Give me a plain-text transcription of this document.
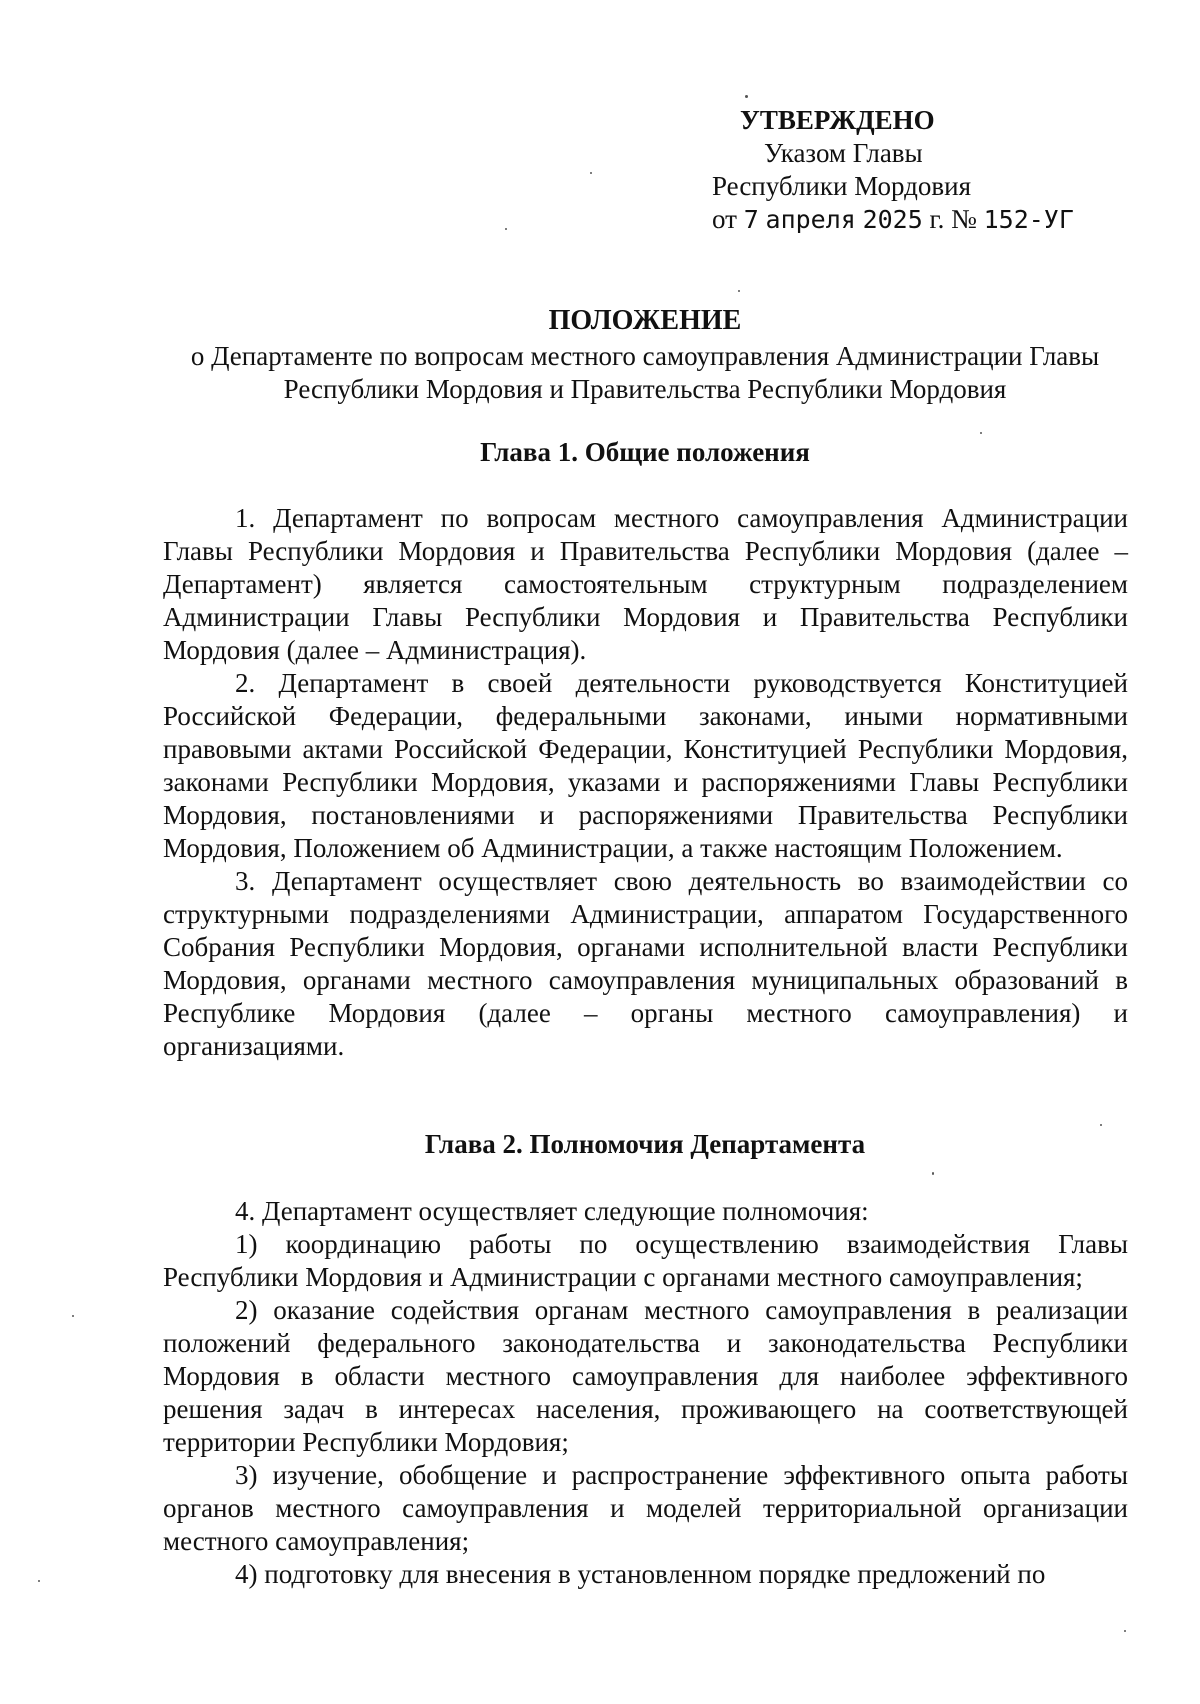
УТВЕРЖДЕНО
Указом Главы
Республики Мордовия
от 7 апреля 2025 г. № 152-УГ
ПОЛОЖЕНИЕ
о Департаменте по вопросам местного самоуправления Администрации Главы
Республики Мордовия и Правительства Республики Мордовия
Глава 1. Общие положения

1. Департамент по вопросам местного самоуправления Администрации Главы Республики Мордовия и Правительства Республики Мордовия (далее – Департамент) является самостоятельным структурным подразделением Администрации Главы Республики Мордовия и Правительства Республики Мордовия (далее – Администрация).

2. Департамент в своей деятельности руководствуется Конституцией Российской Федерации, федеральными законами, иными нормативными правовыми актами Российской Федерации, Конституцией Республики Мордовия, законами Республики Мордовия, указами и распоряжениями Главы Республики Мордовия, постановлениями и распоряжениями Правительства Республики Мордовия, Положением об Администрации, а также настоящим Положением.

3. Департамент осуществляет свою деятельность во взаимодействии со структурными подразделениями Администрации, аппаратом Государственного Собрания Республики Мордовия, органами исполнительной власти Республики Мордовия, органами местного самоуправления муниципальных образований в Республике Мордовия (далее – органы местного самоуправления) и организациями.

Глава 2. Полномочия Департамента

4. Департамент осуществляет следующие полномочия:

1) координацию работы по осуществлению взаимодействия Главы Республики Мордовия и Администрации с органами местного самоуправления;

2) оказание содействия органам местного самоуправления в реализации положений федерального законодательства и законодательства Республики Мордовия в области местного самоуправления для наиболее эффективного решения задач в интересах населения, проживающего на соответствующей территории Республики Мордовия;

3) изучение, обобщение и распространение эффективного опыта работы органов местного самоуправления и моделей территориальной организации местного самоуправления;

4) подготовку для внесения в установленном порядке предложений по
